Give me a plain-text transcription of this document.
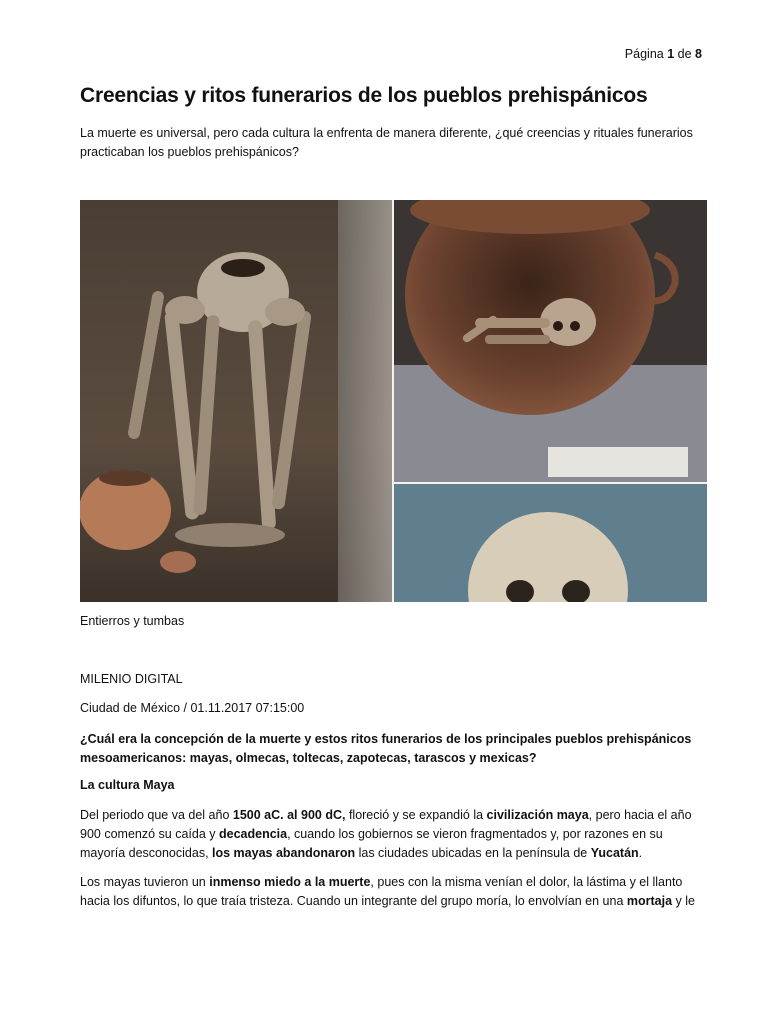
Página 1 de 8
Creencias y ritos funerarios de los pueblos prehispánicos

La muerte es universal, pero cada cultura la enfrenta de manera diferente, ¿qué creencias y rituales funerarios practicaban los pueblos prehispánicos?

Entierros y tumbas
MILENIO DIGITAL
Ciudad de México / 01.11.2017 07:15:00

¿Cuál era la concepción de la muerte y estos ritos funerarios de los principales pueblos prehispánicos mesoamericanos: mayas, olmecas, toltecas, zapotecas, tarascos y mexicas?

La cultura Maya

Del periodo que va del año 1500 aC. al 900 dC, floreció y se expandió la civilización maya, pero hacia el año 900 comenzó su caída y decadencia, cuando los gobiernos se vieron fragmentados y, por razones en su mayoría desconocidas, los mayas abandonaron las ciudades ubicadas en la península de Yucatán.

Los mayas tuvieron un inmenso miedo a la muerte, pues con la misma venían el dolor, la lástima y el llanto hacia los difuntos, lo que traía tristeza. Cuando un integrante del grupo moría, lo envolvían en una mortaja y le
